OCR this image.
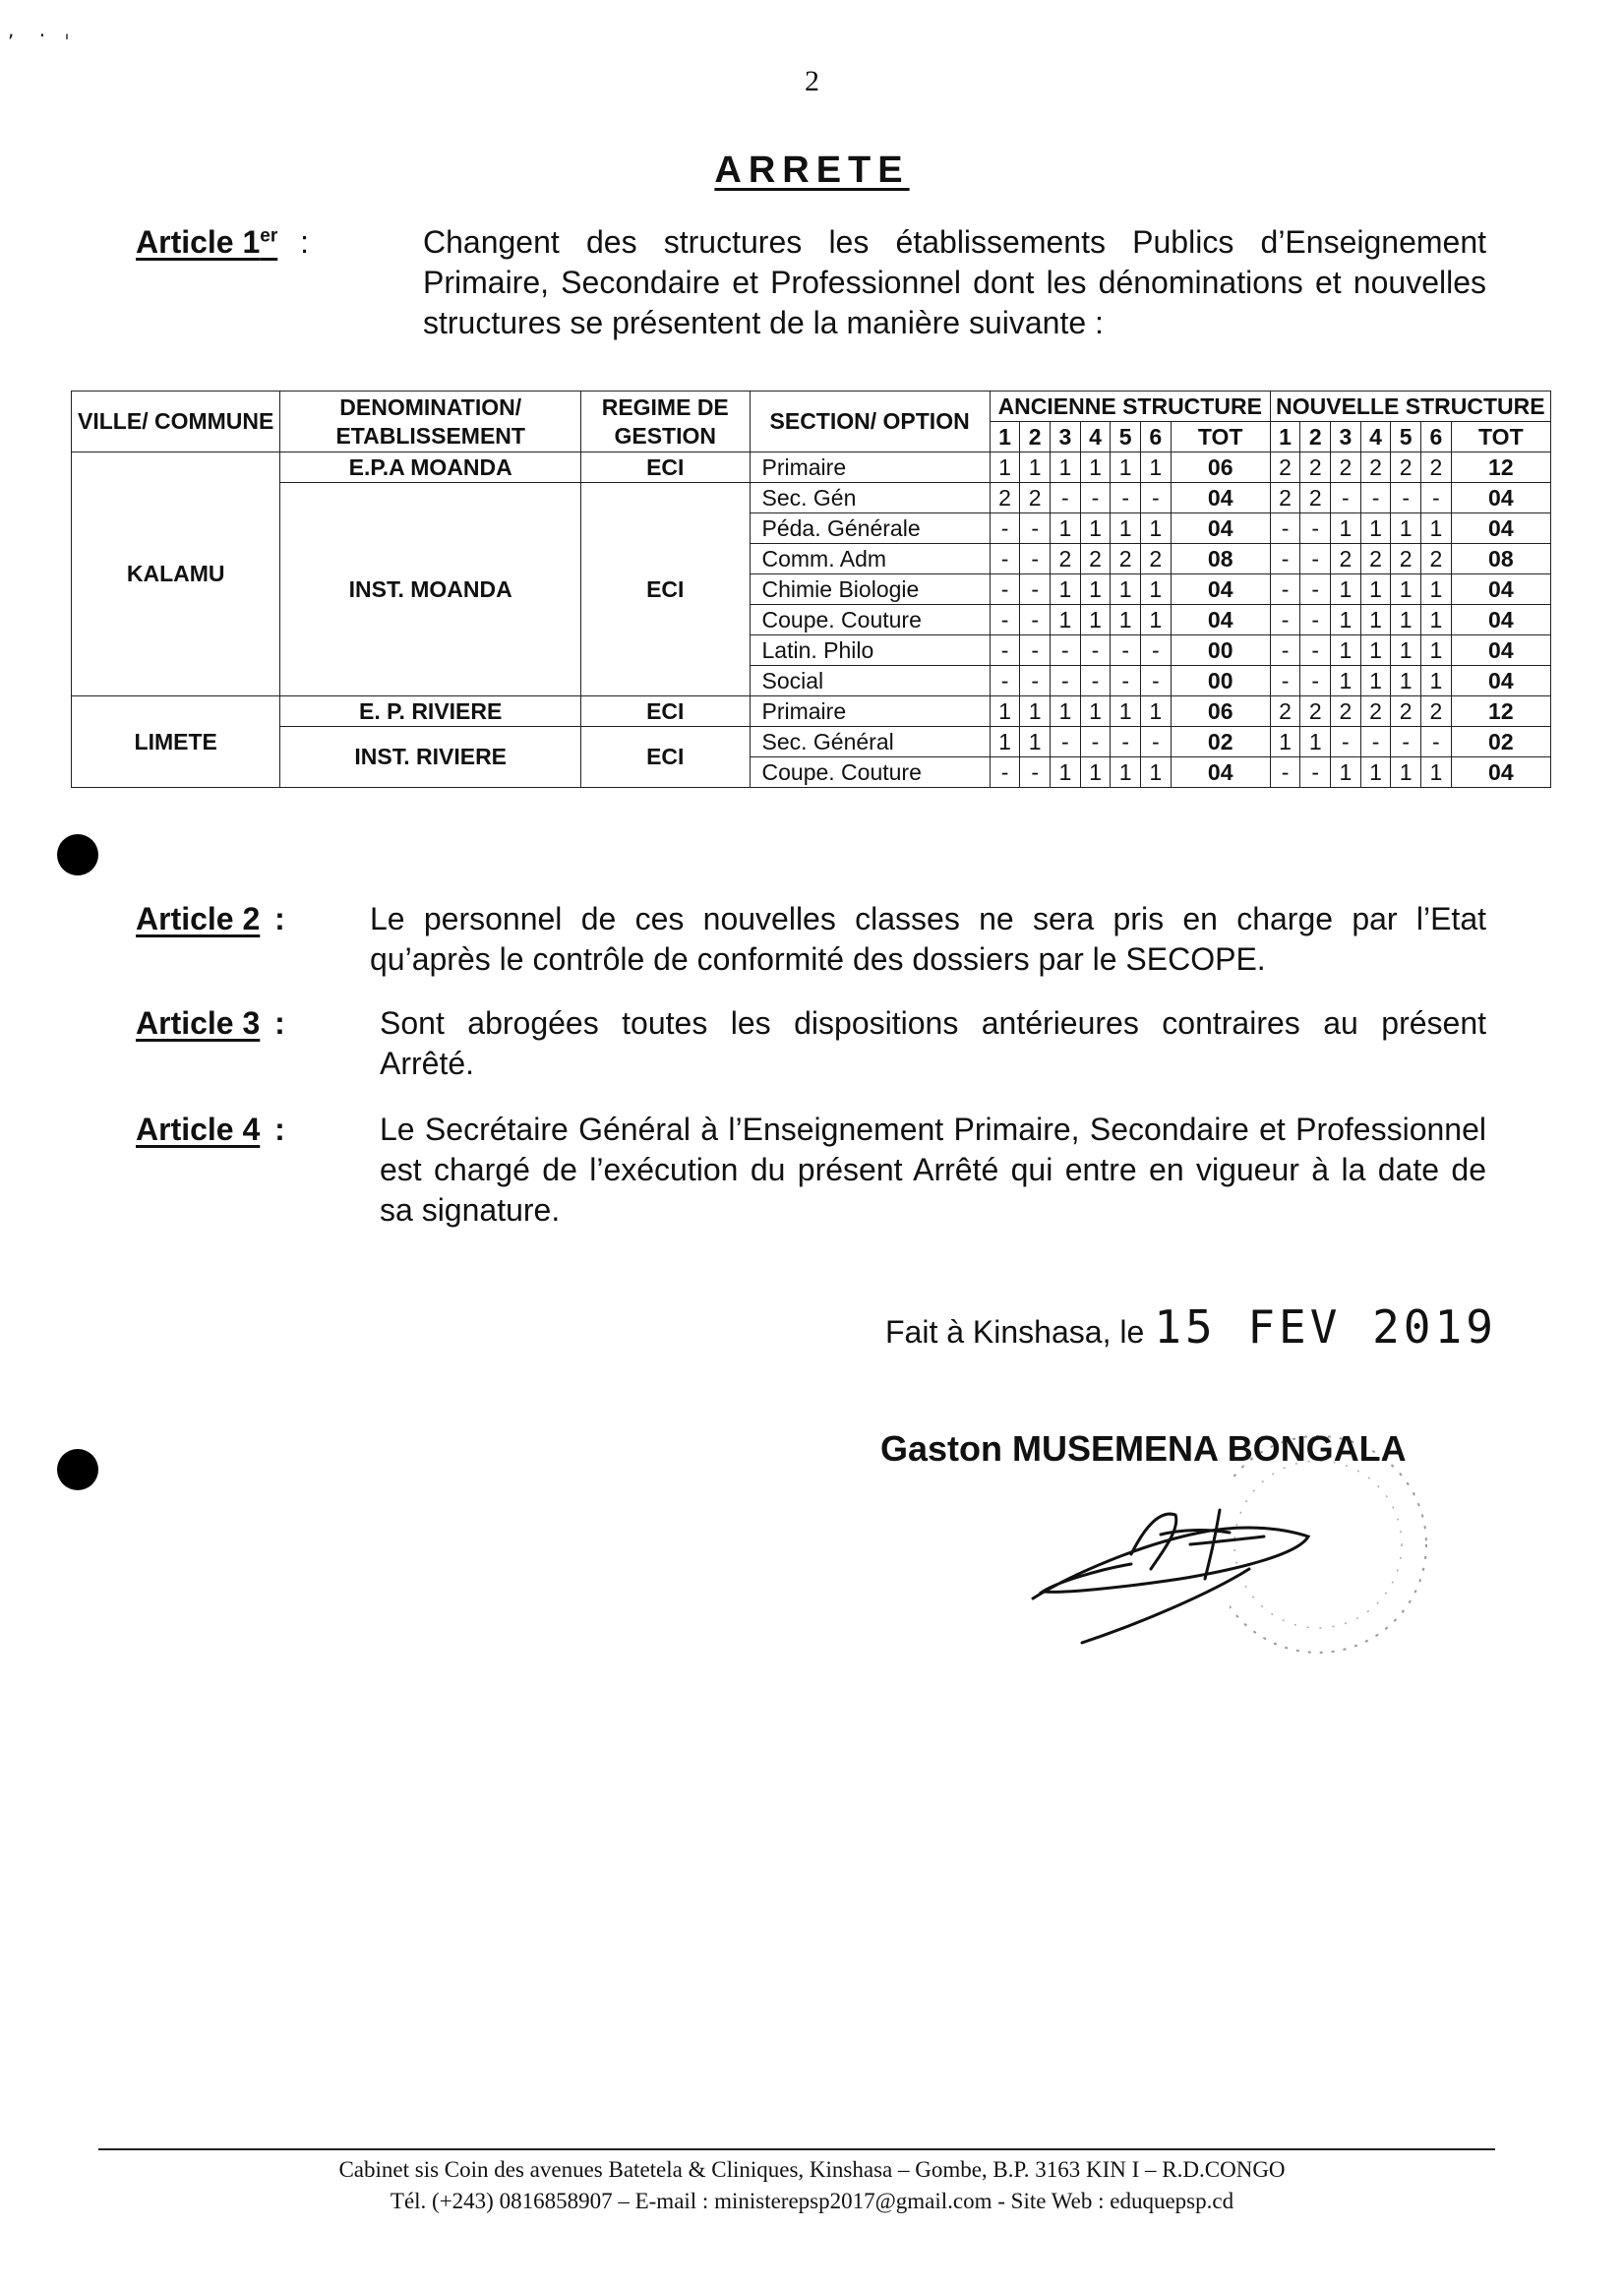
,    .   ˌ
2
ARRETE
Article 1er :	Changent des structures les établissements Publics d’Enseignement
Primaire, Secondaire et Professionnel dont les dénominations et nouvelles
structures se présentent de la manière suivante :
VILLE/ COMMUNE	DENOMINATION/ ETABLISSEMENT	REGIME DE GESTION	SECTION/ OPTION	ANCIENNE STRUCTURE							NOUVELLE STRUCTURE						
				1	2	3	4	5	6	TOT	1	2	3	4	5	6	TOT
KALAMU	E.P.A MOANDA	ECI	Primaire	1	1	1	1	1	1	06	2	2	2	2	2	2	12
	INST. MOANDA	ECI	Sec. Gén	2	2	-	-	-	-	04	2	2	-	-	-	-	04
			Péda. Générale	-	-	1	1	1	1	04	-	-	1	1	1	1	04
			Comm. Adm	-	-	2	2	2	2	08	-	-	2	2	2	2	08
			Chimie Biologie	-	-	1	1	1	1	04	-	-	1	1	1	1	04
			Coupe. Couture	-	-	1	1	1	1	04	-	-	1	1	1	1	04
			Latin. Philo	-	-	-	-	-	-	00	-	-	1	1	1	1	04
			Social	-	-	-	-	-	-	00	-	-	1	1	1	1	04
LIMETE	E. P. RIVIERE	ECI	Primaire	1	1	1	1	1	1	06	2	2	2	2	2	2	12
	INST. RIVIERE	ECI	Sec. Général	1	1	-	-	-	-	02	1	1	-	-	-	-	02
			Coupe. Couture	-	-	1	1	1	1	04	-	-	1	1	1	1	04
Article 2 :	Le personnel de ces nouvelles classes ne sera pris en charge par l’Etat
qu’après le contrôle de conformité des dossiers par le SECOPE.
Article 3 :	Sont abrogées toutes les dispositions antérieures contraires au présent
Arrêté.
Article 4 :	Le Secrétaire Général à l’Enseignement Primaire, Secondaire et Professionnel
est chargé de l’exécution du présent Arrêté qui entre en vigueur à la date de
sa signature.
Fait à Kinshasa, le 15 FEV 2019
Gaston MUSEMENA BONGALA
Cabinet sis Coin des avenues Batetela & Cliniques, Kinshasa – Gombe, B.P. 3163 KIN I – R.D.CONGO
Tél. (+243) 0816858907 – E-mail : ministerepsp2017@gmail.com - Site Web : eduquepsp.cd
